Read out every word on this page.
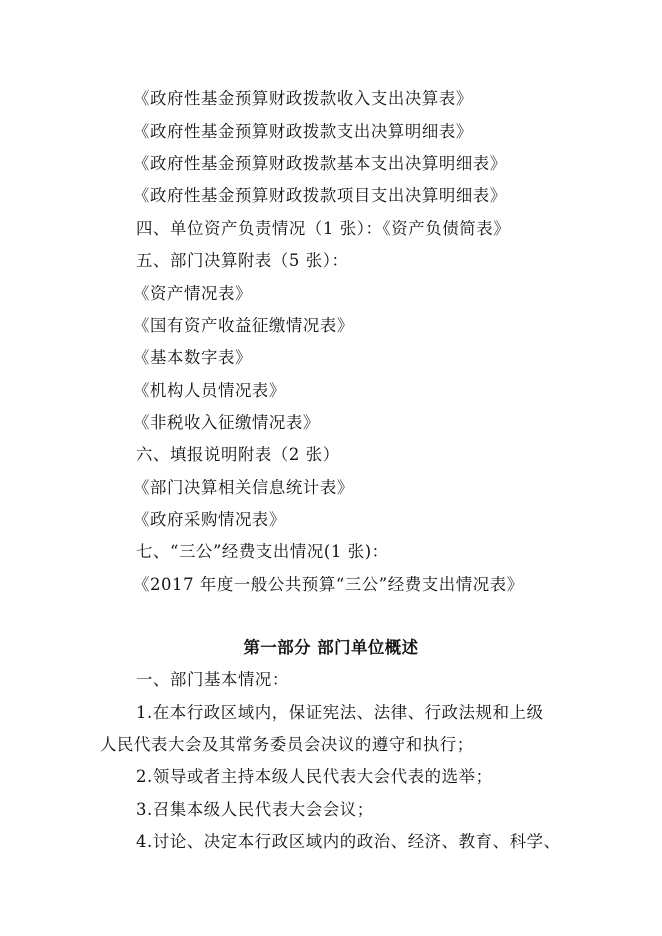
《政府性基金预算财政拨款收入支出决算表》
《政府性基金预算财政拨款支出决算明细表》
《政府性基金预算财政拨款基本支出决算明细表》
《政府性基金预算财政拨款项目支出决算明细表》
四、单位资产负责情况（1 张）：《资产负债简表》
五、部门决算附表（5 张）：
《资产情况表》
《国有资产收益征缴情况表》
《基本数字表》
《机构人员情况表》
《非税收入征缴情况表》
六、填报说明附表（2 张）
《部门决算相关信息统计表》
《政府采购情况表》
七、“三公”经费支出情况(1 张)：
《2017 年度一般公共预算“三公”经费支出情况表》
第一部分 部门单位概述
一、部门基本情况：
1.在本行政区域内，保证宪法、法律、行政法规和上级
人民代表大会及其常务委员会决议的遵守和执行；
2.领导或者主持本级人民代表大会代表的选举；
3.召集本级人民代表大会会议；
4.讨论、决定本行政区域内的政治、经济、教育、科学、
